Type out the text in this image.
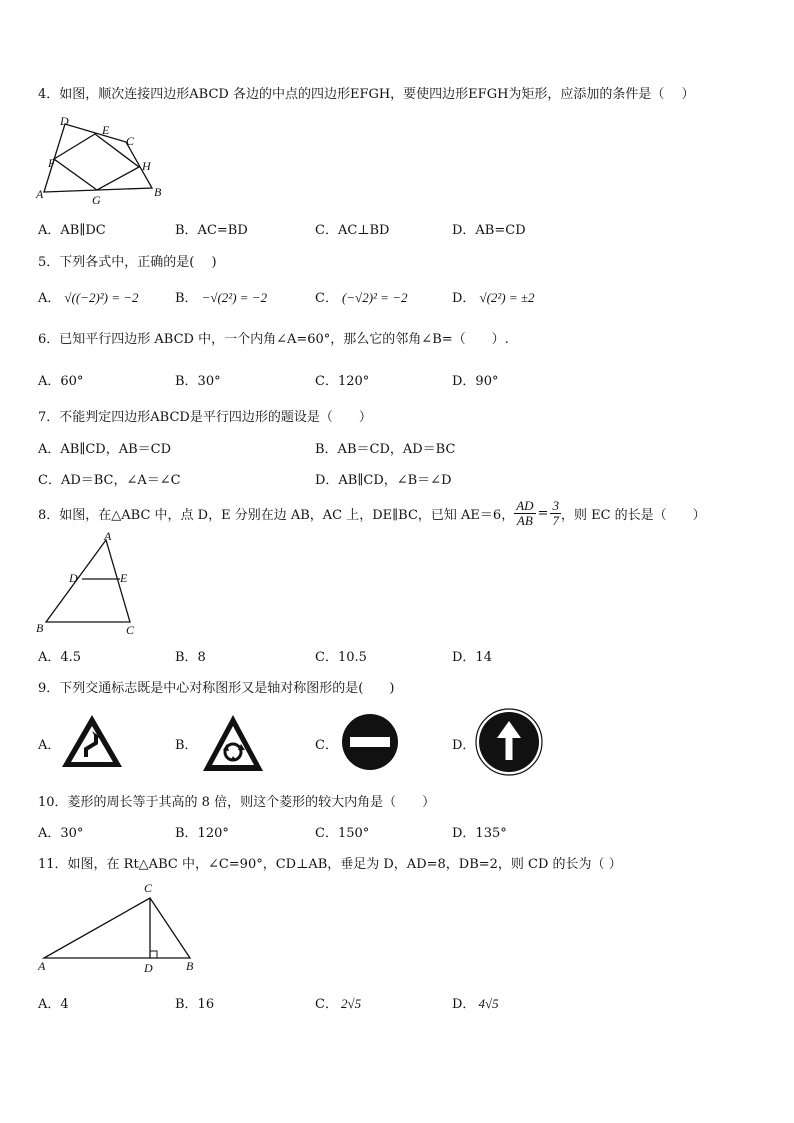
4．如图，顺次连接四边形ABCD 各边的中点的四边形EFGH，要使四边形EFGH为矩形，应添加的条件是（　 ）
D
E
C
F	H
A	G
B
A．AB∥DC	B．AC=BD	C．AC⊥BD	D．AB=CD
5．下列各式中，正确的是(　 )
A． √((−2)²) = −2	B． −√(2²) = −2	C． (−√2)² = −2	D． √(2²) = ±2
6．已知平行四边形 ABCD 中，一个内角∠A=60°，那么它的邻角∠B=（　　）.
A．60°	B．30°	C．120°	D．90°
7．不能判定四边形ABCD是平行四边形的题设是（　　）
A．AB∥CD，AB＝CD	B．AB＝CD，AD＝BC
C．AD＝BC，∠A＝∠C	D．AB∥CD，∠B＝∠D
8．如图，在△ABC 中，点 D，E 分别在边 AB，AC 上，DE∥BC，已知 AE＝6， $\frac{AD}{AB} = \frac{3}{7}$ ，则 EC 的长是（　　）
A
D	E
B	C
A．4.5	B．8	C．10.5	D．14
9．下列交通标志既是中心对称图形又是轴对称图形的是(　　)
A．	B．	C．	D．
10．菱形的周长等于其高的 8 倍，则这个菱形的较大内角是（　　）
A．30°	B．120°	C．150°	D．135°
11．如图，在 Rt△ABC 中，∠C=90°，CD⊥AB，垂足为 D，AD=8，DB=2，则 CD 的长为（ ）
C
A	D	B
A．4	B．16	C． 2√5	D． 4√5
